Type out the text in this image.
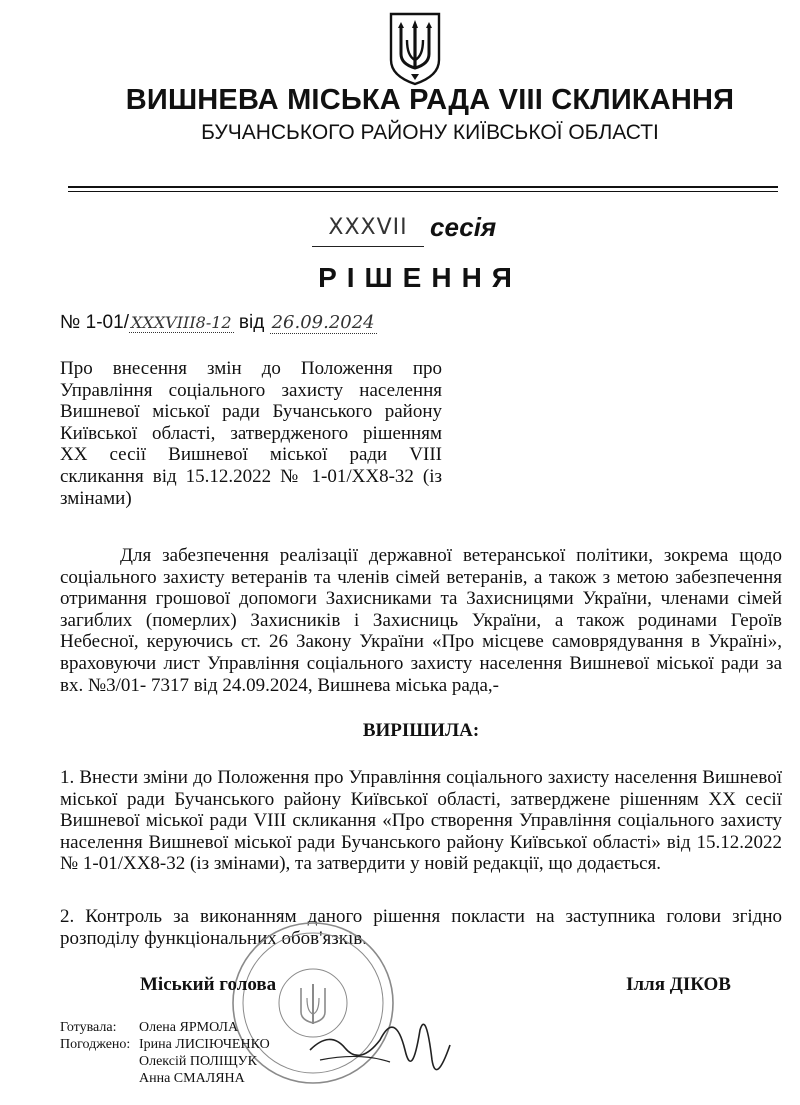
ВИШНЕВА МІСЬКА РАДА VIII СКЛИКАННЯ
БУЧАНСЬКОГО РАЙОНУ КИЇВСЬКОЇ ОБЛАСТІ
XXXVII сесія
РІШЕННЯ
№ 1-01/ XXXVIII8-12 від 26.09.2024
Про внесення змін до Положення про Управління соціального захисту населення Вишневої міської ради Бучанського району Київської області, затвердженого рішенням XX сесії Вишневої міської ради VIII скликання від 15.12.2022 № 1-01/XX8-32 (із змінами)
Для забезпечення реалізації державної ветеранської політики, зокрема щодо соціального захисту ветеранів та членів сімей ветеранів, а також з метою забезпечення отримання грошової допомоги Захисниками та Захисницями України, членами сімей загиблих (померлих) Захисників і Захисниць України, а також родинами Героїв Небесної, керуючись ст. 26 Закону України «Про місцеве самоврядування в Україні», враховуючи лист Управління соціального захисту населення Вишневої міської ради за вх. №3/01- 7317 від 24.09.2024, Вишнева міська рада,-
ВИРІШИЛА:
1. Внести зміни до Положення про Управління соціального захисту населення Вишневої міської ради Бучанського району Київської області, затверджене рішенням XX сесії Вишневої міської ради VIII скликання «Про створення Управління соціального захисту населення Вишневої міської ради Бучанського району Київської області» від 15.12.2022 № 1-01/XX8-32 (із змінами), та затвердити у новій редакції, що додається.
2. Контроль за виконанням даного рішення покласти на заступника голови згідно розподілу функціональних обов'язків.
Міський голова	Ілля ДІКОВ
Готувала: Олена ЯРМОЛА
Погоджено: Ірина ЛИСІЮЧЕНКО
Олексій ПОЛІЩУК
Анна СМАЛЯНА
